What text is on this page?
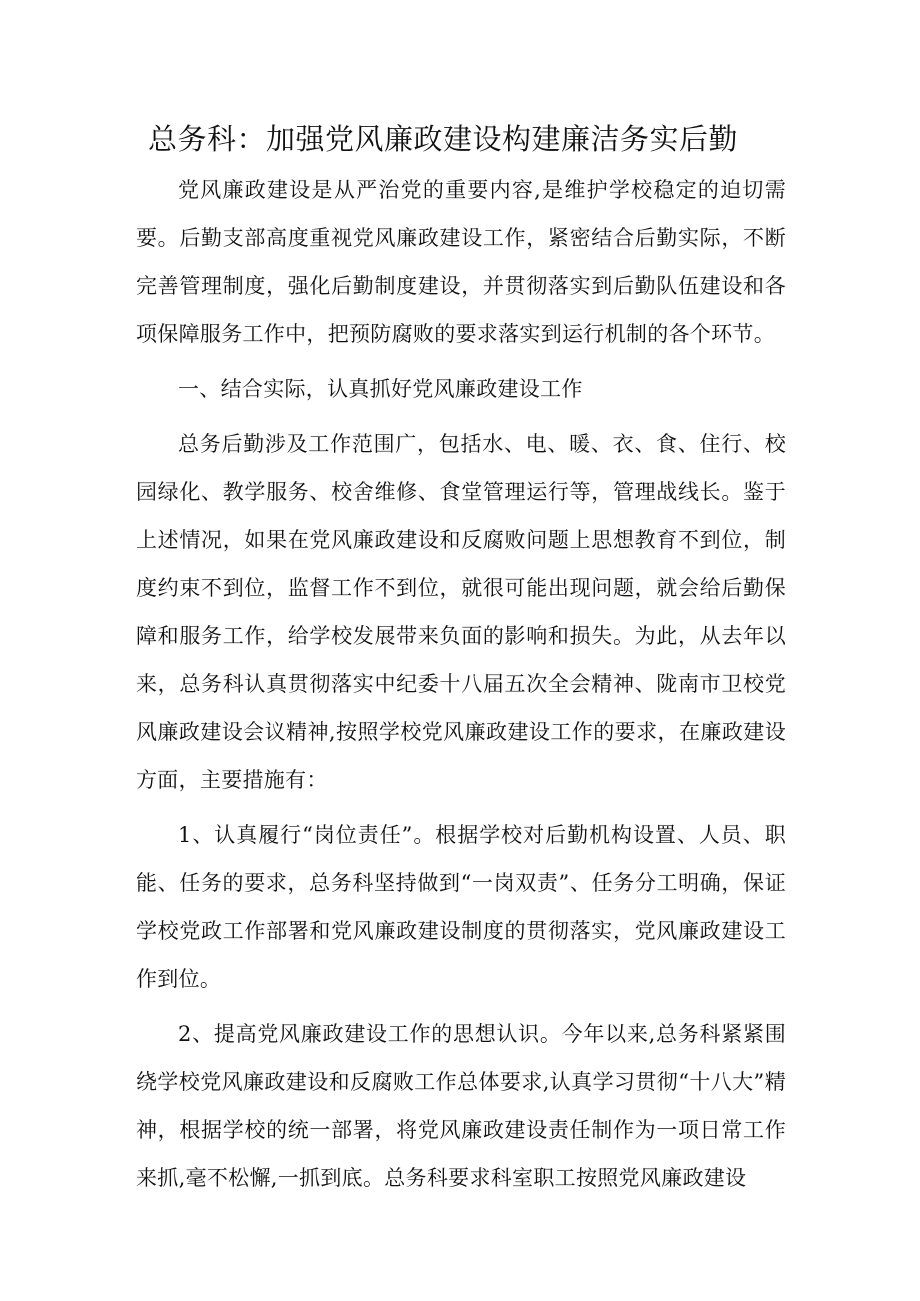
总务科：加强党风廉政建设构建廉洁务实后勤

党风廉政建设是从严治党的重要内容,是维护学校稳定的迫切需要。后勤支部高度重视党风廉政建设工作，紧密结合后勤实际，不断完善管理制度，强化后勤制度建设，并贯彻落实到后勤队伍建设和各项保障服务工作中，把预防腐败的要求落实到运行机制的各个环节。

一、结合实际，认真抓好党风廉政建设工作

总务后勤涉及工作范围广，包括水、电、暖、衣、食、住行、校园绿化、教学服务、校舍维修、食堂管理运行等，管理战线长。鉴于上述情况，如果在党风廉政建设和反腐败问题上思想教育不到位，制度约束不到位，监督工作不到位，就很可能出现问题，就会给后勤保障和服务工作，给学校发展带来负面的影响和损失。为此，从去年以来，总务科认真贯彻落实中纪委十八届五次全会精神、陇南市卫校党风廉政建设会议精神,按照学校党风廉政建设工作的要求，在廉政建设方面，主要措施有：

1、认真履行“岗位责任”。根据学校对后勤机构设置、人员、职能、任务的要求，总务科坚持做到“一岗双责”、任务分工明确，保证学校党政工作部署和党风廉政建设制度的贯彻落实，党风廉政建设工作到位。

2、提高党风廉政建设工作的思想认识。今年以来,总务科紧紧围绕学校党风廉政建设和反腐败工作总体要求,认真学习贯彻“十八大”精神，根据学校的统一部署，将党风廉政建设责任制作为一项日常工作来抓,毫不松懈,一抓到底。总务科要求科室职工按照党风廉政建设
